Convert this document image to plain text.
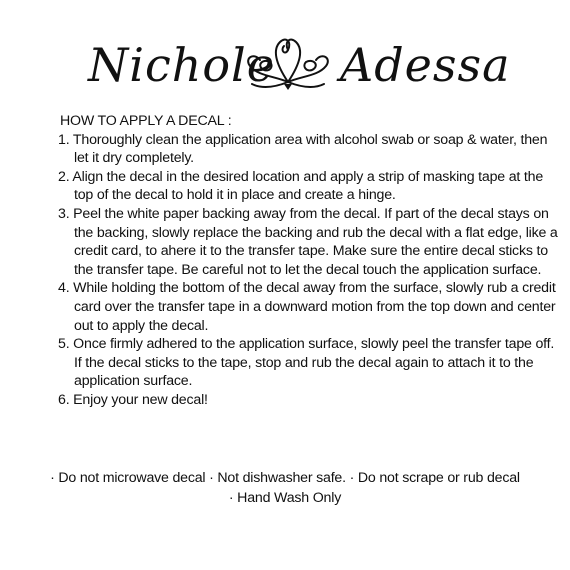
Nichole Adessa

HOW TO APPLY A DECAL :

1. Thoroughly clean the application area with alcohol swab or soap & water, then let it dry completely.

2. Align the decal in the desired location and apply a strip of masking tape at the top of the decal to hold it in place and create a hinge.

3. Peel the white paper backing away from the decal. If part of the decal stays on the backing, slowly replace the backing and rub the decal with a flat edge, like a credit card, to ahere it to the transfer tape. Make sure the entire decal sticks to the transfer tape. Be careful not to let the decal touch the application surface.

4. While holding the bottom of the decal away from the surface, slowly rub a credit card over the transfer tape in a downward motion from the top down and center out to apply the decal.

5. Once firmly adhered to the application surface, slowly peel the transfer tape off. If the decal sticks to the tape, stop and rub the decal again to attach it to the application surface.

6. Enjoy your new decal!

· Do not microwave decal · Not dishwasher safe. · Do not scrape or rub decal
· Hand Wash Only
